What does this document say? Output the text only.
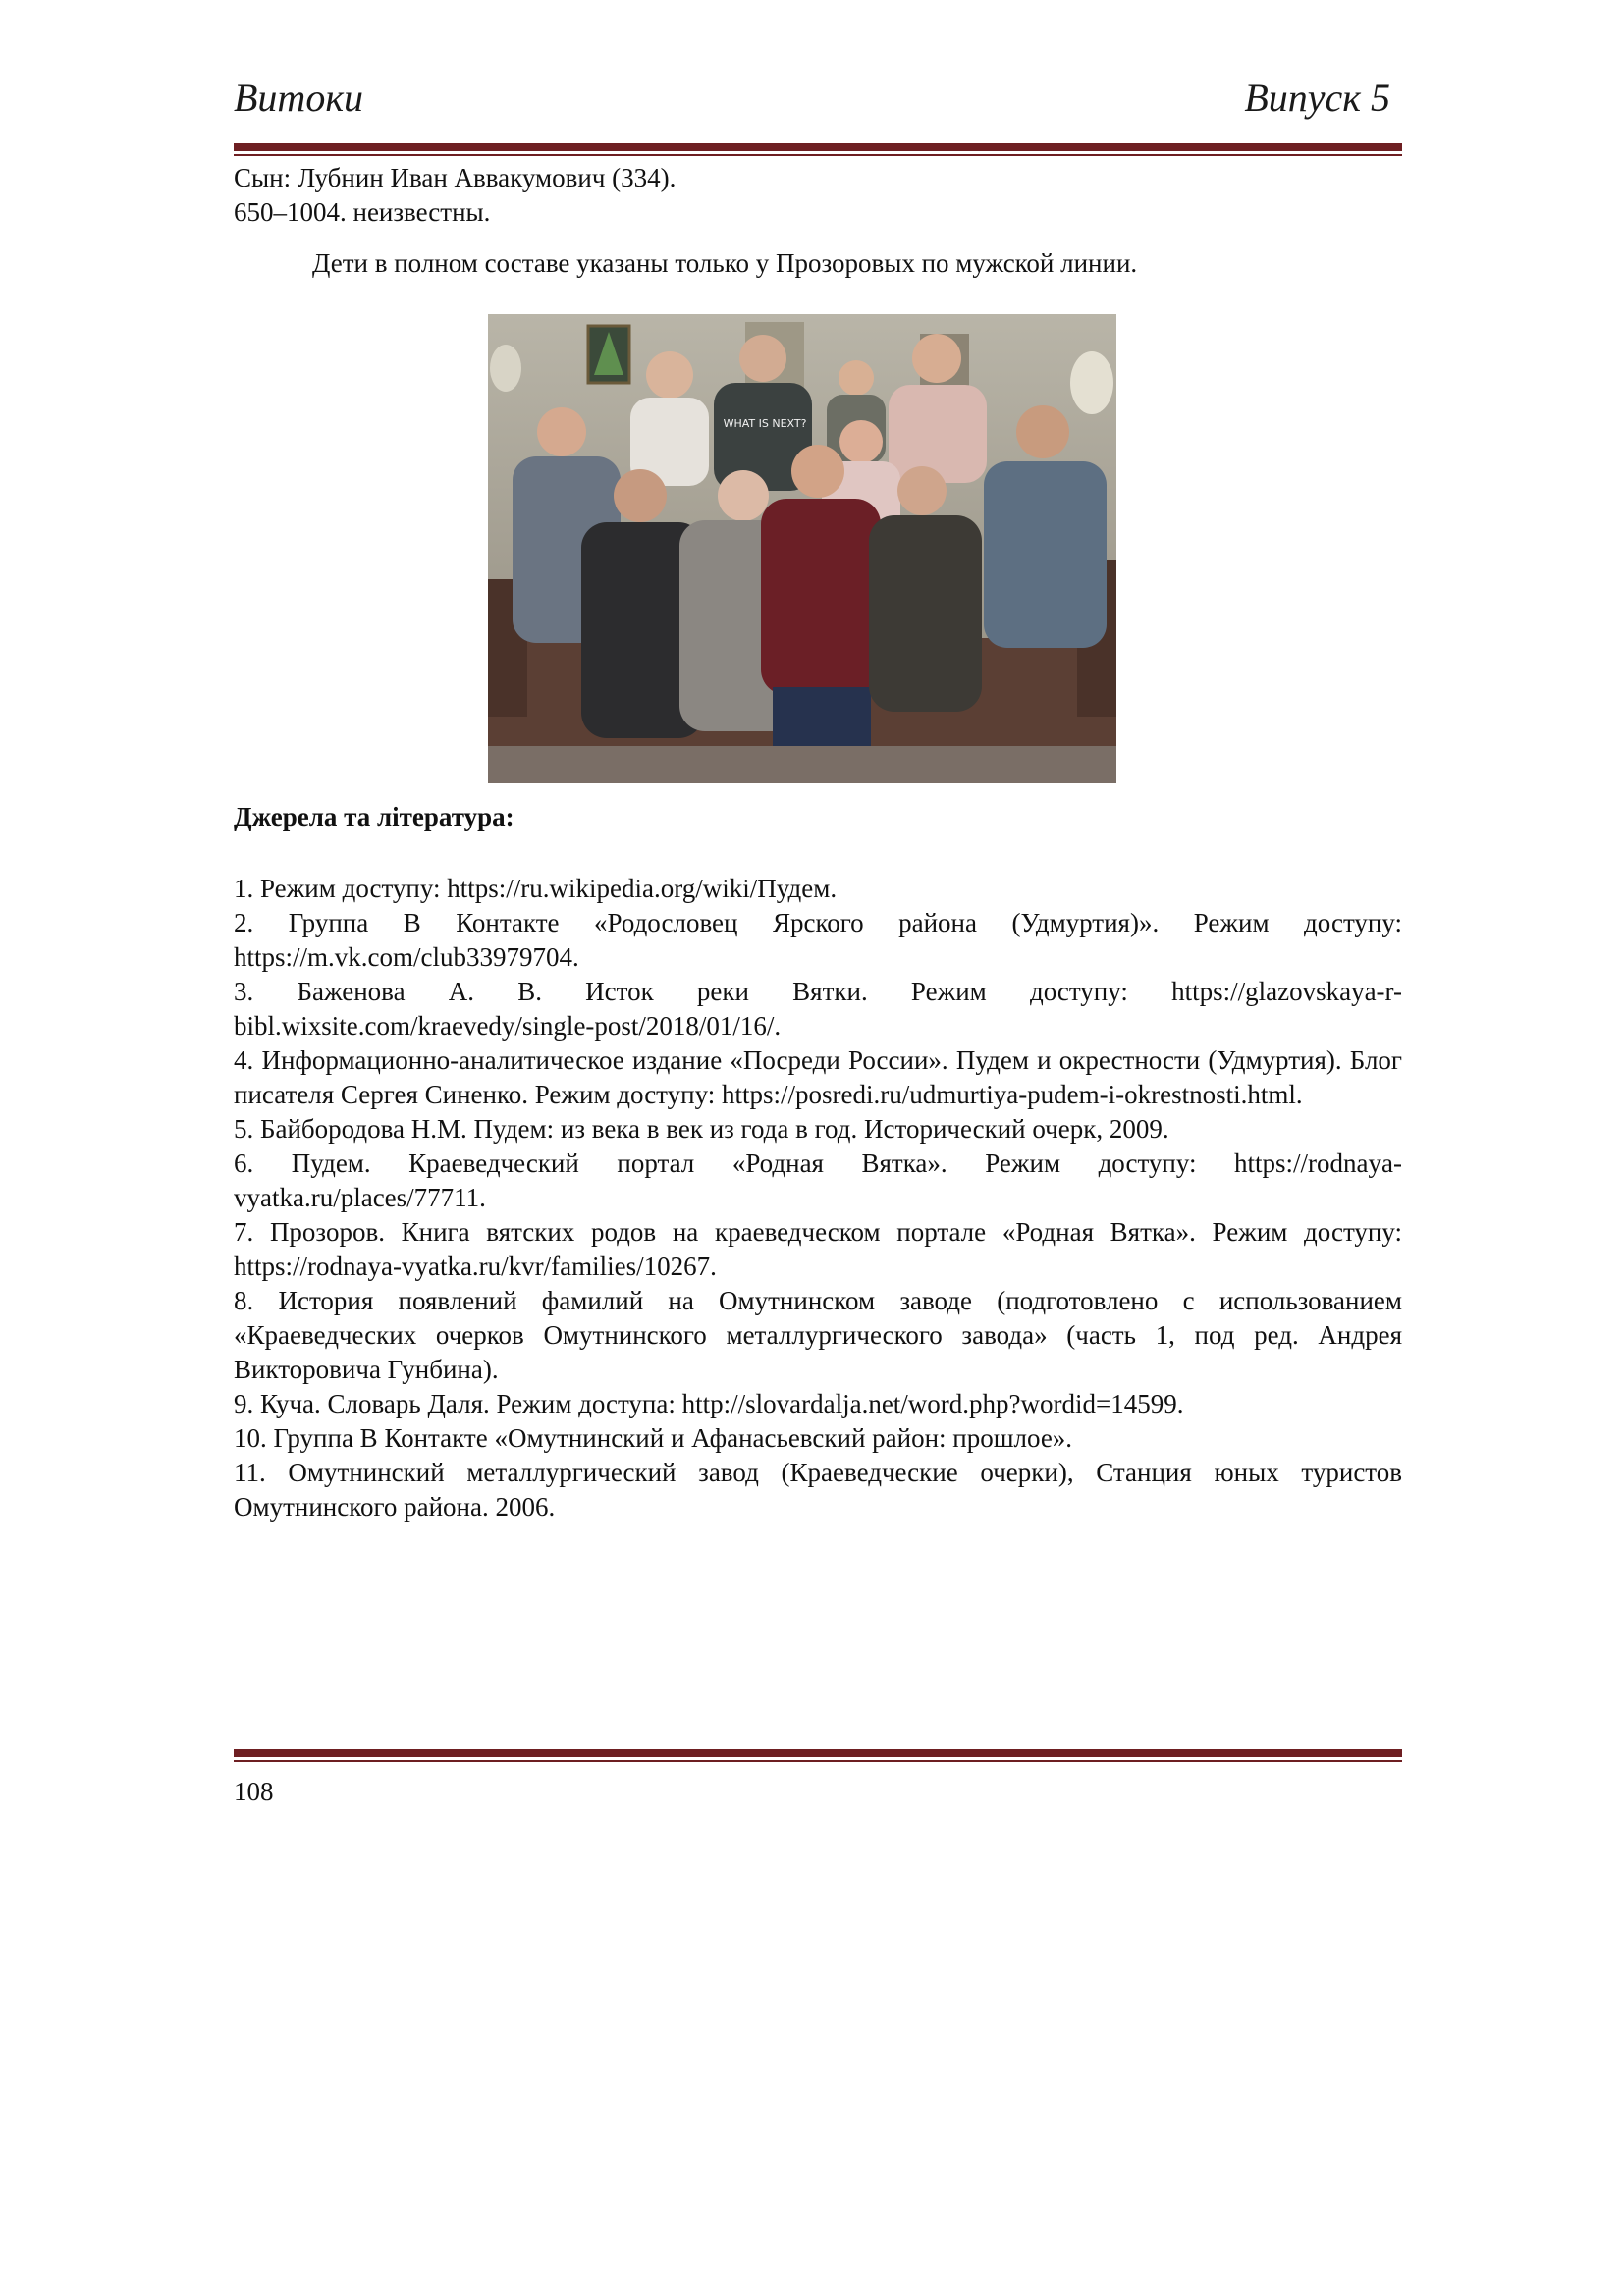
Витоки	Випуск 5
Сын: Лубнин Иван Аввакумович (334).
650–1004. неизвестны.
Дети в полном составе указаны только у Прозоровых по мужской линии.
WHAT IS NEXT?
Джерела та література:
1. Режим доступу: https://ru.wikipedia.org/wiki/Пудем.
2. Группа В Контакте «Родословец Ярского района (Удмуртия)». Режим доступу: https://m.vk.com/club33979704.
3. Баженова А. В. Исток реки Вятки. Режим доступу: https://glazovskaya-r-bibl.wixsite.com/kraevedy/single-post/2018/01/16/.
4. Информационно-аналитическое издание «Посреди России». Пудем и окрестности (Удмуртия). Блог писателя Сергея Синенко. Режим доступу: https://posredi.ru/udmurtiya-pudem-i-okrestnosti.html.
5. Байбородова Н.М. Пудем: из века в век из года в год. Исторический очерк, 2009.
6. Пудем. Краеведческий портал «Родная Вятка». Режим доступу: https://rodnaya-vyatka.ru/places/77711.
7. Прозоров. Книга вятских родов на краеведческом портале «Родная Вятка». Режим доступу: https://rodnaya-vyatka.ru/kvr/families/10267.
8. История появлений фамилий на Омутнинском заводе (подготовлено с использованием «Краеведческих очерков Омутнинского металлургического завода» (часть 1, под ред. Андрея Викторовича Гунбина).
9. Куча. Словарь Даля. Режим доступа: http://slovardalja.net/word.php?wordid=14599.
10. Группа В Контакте «Омутнинский и Афанасьевский район: прошлое».
11. Омутнинский металлургический завод (Краеведческие очерки), Станция юных туристов Омутнинского района. 2006.
108
